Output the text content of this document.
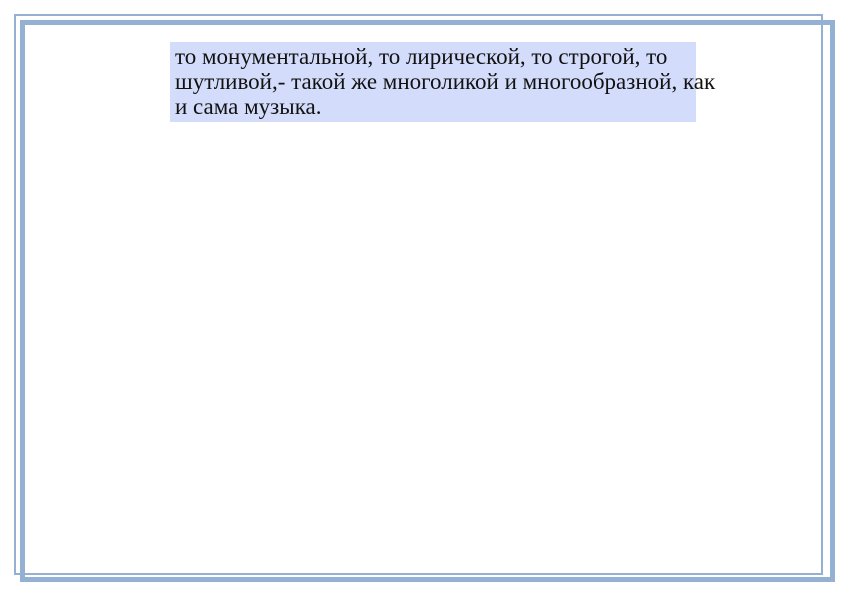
то монументальной, то лирической, то строгой, то
шутливой,- такой же многоликой и многообразной, как
и сама музыка.
